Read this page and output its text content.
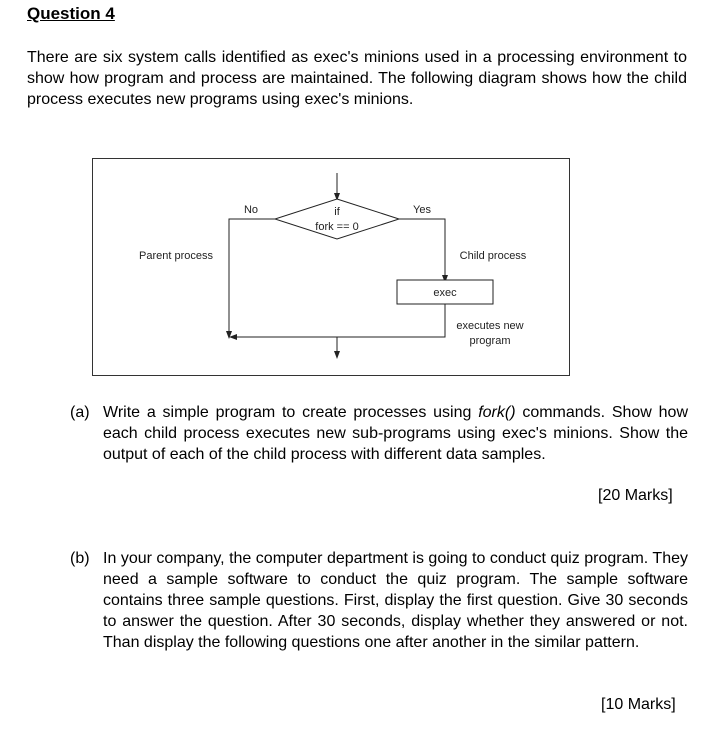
Question 4

There are six system calls identified as exec's minions used in a processing environment to show how program and process are maintained. The following diagram shows how the child process executes new programs using exec's minions.

if
fork == 0
No
Parent process
Yes
Child process
exec
executes new
program
(a) Write a simple program to create processes using fork() commands. Show how each child process executes new sub-programs using exec's minions. Show the output of each of the child process with different data samples.
[20 Marks]
(b) In your company, the computer department is going to conduct quiz program. They need a sample software to conduct the quiz program. The sample software contains three sample questions. First, display the first question. Give 30 seconds to answer the question. After 30 seconds, display whether they answered or not. Than display the following questions one after another in the similar pattern.
[10 Marks]
